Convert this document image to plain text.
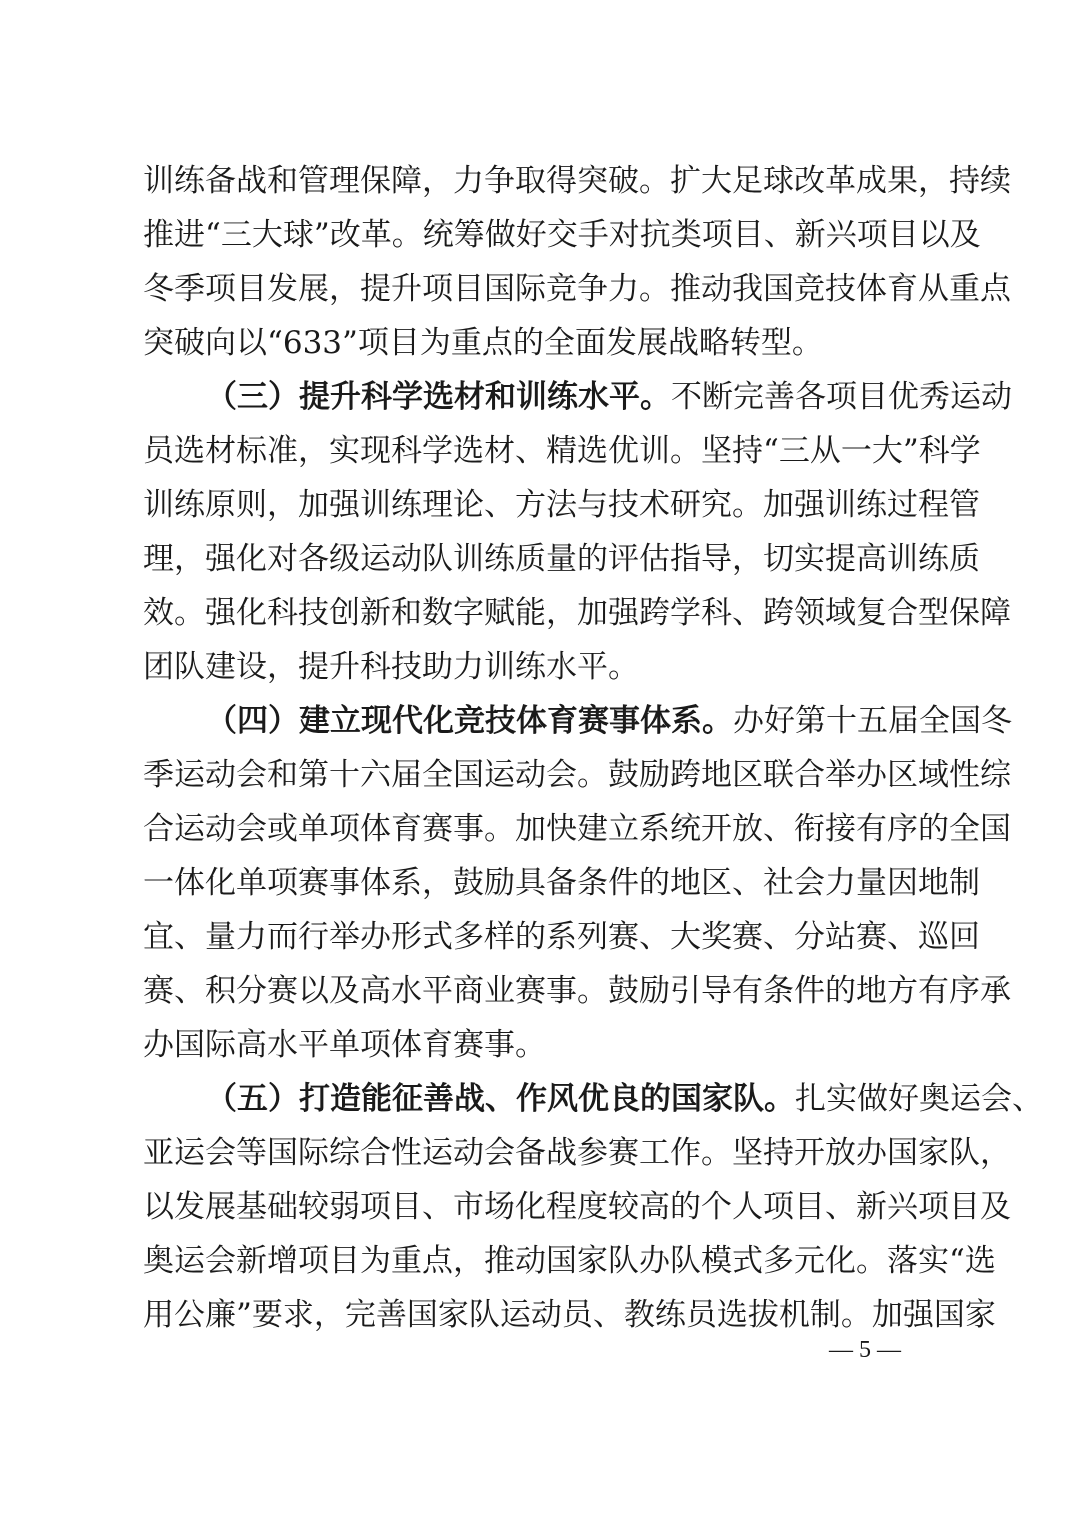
训练备战和管理保障，力争取得突破。扩大足球改革成果，持续
推进“三大球”改革。统筹做好交手对抗类项目、新兴项目以及
冬季项目发展，提升项目国际竞争力。推动我国竞技体育从重点
突破向以“633”项目为重点的全面发展战略转型。
（三）提升科学选材和训练水平。不断完善各项目优秀运动
员选材标准，实现科学选材、精选优训。坚持“三从一大”科学
训练原则，加强训练理论、方法与技术研究。加强训练过程管
理，强化对各级运动队训练质量的评估指导，切实提高训练质
效。强化科技创新和数字赋能，加强跨学科、跨领域复合型保障
团队建设，提升科技助力训练水平。
（四）建立现代化竞技体育赛事体系。办好第十五届全国冬
季运动会和第十六届全国运动会。鼓励跨地区联合举办区域性综
合运动会或单项体育赛事。加快建立系统开放、衔接有序的全国
一体化单项赛事体系，鼓励具备条件的地区、社会力量因地制
宜、量力而行举办形式多样的系列赛、大奖赛、分站赛、巡回
赛、积分赛以及高水平商业赛事。鼓励引导有条件的地方有序承
办国际高水平单项体育赛事。
（五）打造能征善战、作风优良的国家队。扎实做好奥运会、
亚运会等国际综合性运动会备战参赛工作。坚持开放办国家队，
以发展基础较弱项目、市场化程度较高的个人项目、新兴项目及
奥运会新增项目为重点，推动国家队办队模式多元化。落实“选
用公廉”要求，完善国家队运动员、教练员选拔机制。加强国家
— 5 —
